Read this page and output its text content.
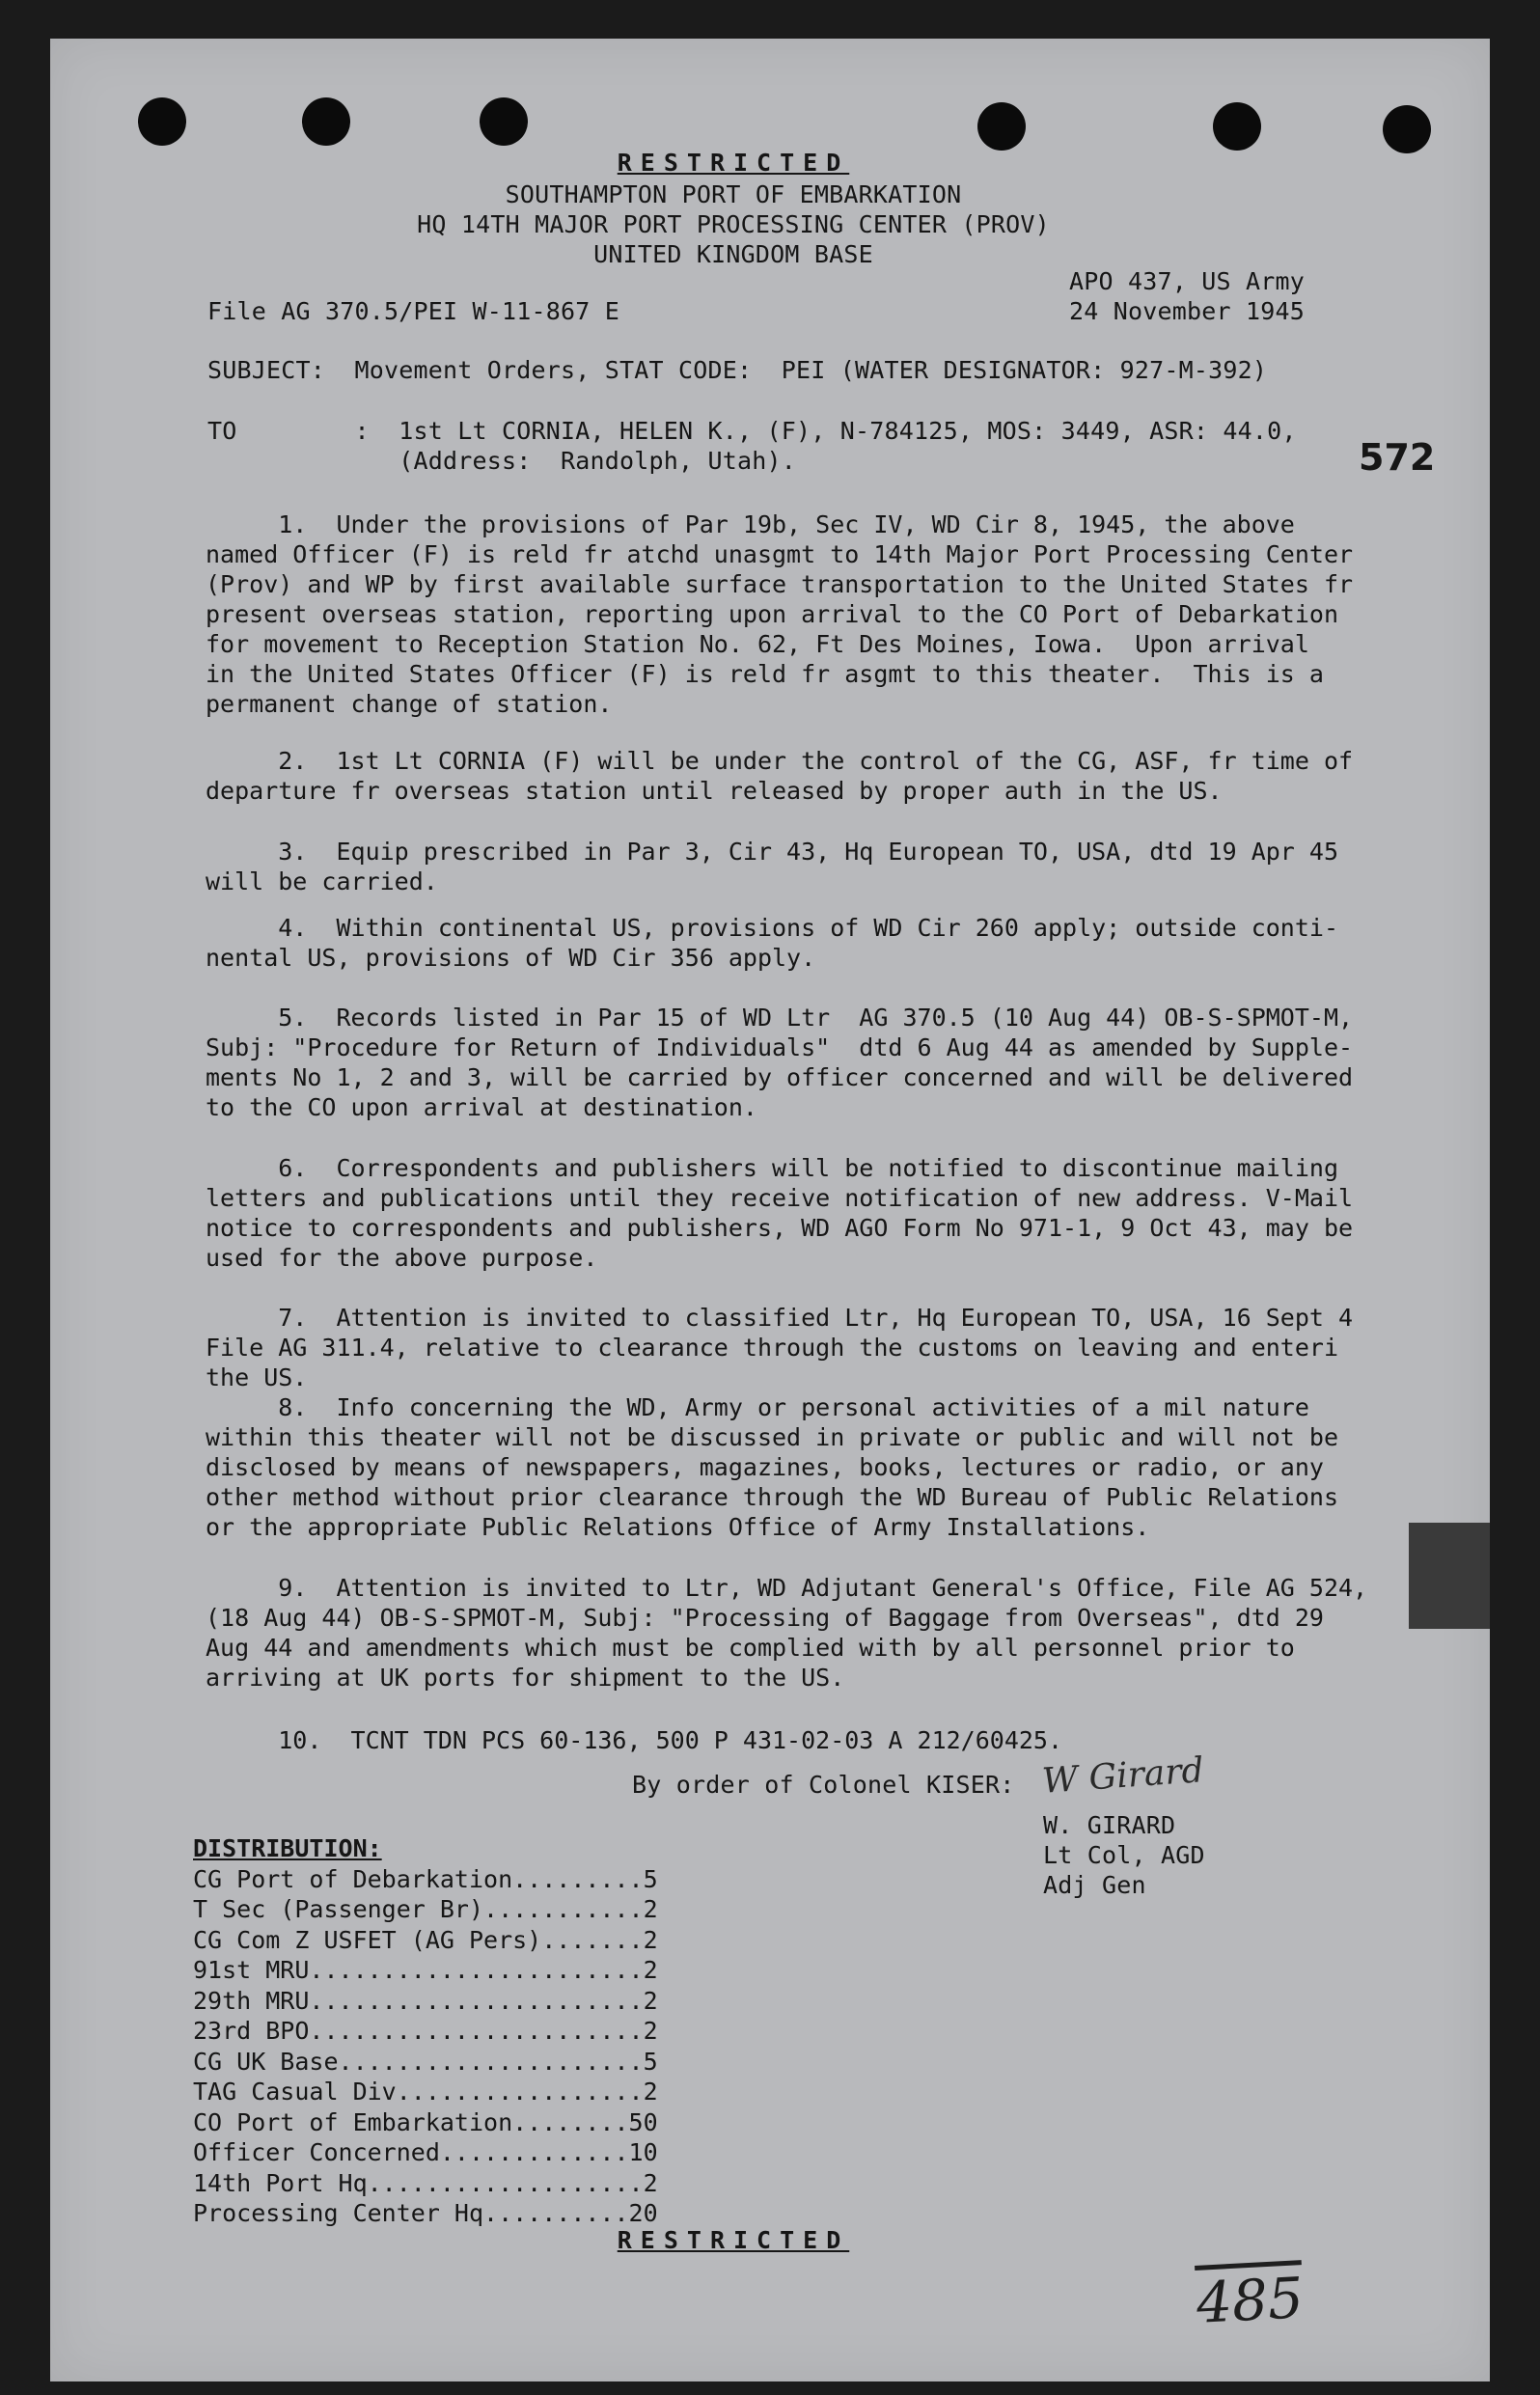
RESTRICTED
SOUTHAMPTON PORT OF EMBARKATION
HQ 14TH MAJOR PORT PROCESSING CENTER (PROV)
UNITED KINGDOM BASE
APO 437, US Army
File AG 370.5/PEI W-11-867 E	24 November 1945
SUBJECT:  Movement Orders, STAT CODE:  PEI (WATER DESIGNATOR: 927-M-392)
TO        :  1st Lt CORNIA, HELEN K., (F), N-784125, MOS: 3449, ASR: 44.0,
(Address:  Randolph, Utah).	572
1.  Under the provisions of Par 19b, Sec IV, WD Cir 8, 1945, the above
named Officer (F) is reld fr atchd unasgmt to 14th Major Port Processing Center
(Prov) and WP by first available surface transportation to the United States fr
present overseas station, reporting upon arrival to the CO Port of Debarkation
for movement to Reception Station No. 62, Ft Des Moines, Iowa.  Upon arrival
in the United States Officer (F) is reld fr asgmt to this theater.  This is a
permanent change of station.
2.  1st Lt CORNIA (F) will be under the control of the CG, ASF, fr time of
departure fr overseas station until released by proper auth in the US.
3.  Equip prescribed in Par 3, Cir 43, Hq European TO, USA, dtd 19 Apr 45
will be carried.
4.  Within continental US, provisions of WD Cir 260 apply; outside conti-
nental US, provisions of WD Cir 356 apply.
5.  Records listed in Par 15 of WD Ltr  AG 370.5 (10 Aug 44) OB-S-SPMOT-M,
Subj: "Procedure for Return of Individuals"  dtd 6 Aug 44 as amended by Supple-
ments No 1, 2 and 3, will be carried by officer concerned and will be delivered
to the CO upon arrival at destination.
6.  Correspondents and publishers will be notified to discontinue mailing
letters and publications until they receive notification of new address. V-Mail
notice to correspondents and publishers, WD AGO Form No 971-1, 9 Oct 43, may be
used for the above purpose.
7.  Attention is invited to classified Ltr, Hq European TO, USA, 16 Sept 4
File AG 311.4, relative to clearance through the customs on leaving and enteri
the US.
8.  Info concerning the WD, Army or personal activities of a mil nature
within this theater will not be discussed in private or public and will not be
disclosed by means of newspapers, magazines, books, lectures or radio, or any
other method without prior clearance through the WD Bureau of Public Relations
or the appropriate Public Relations Office of Army Installations.
9.  Attention is invited to Ltr, WD Adjutant General's Office, File AG 524,
(18 Aug 44) OB-S-SPMOT-M, Subj: "Processing of Baggage from Overseas", dtd 29
Aug 44 and amendments which must be complied with by all personnel prior to
arriving at UK ports for shipment to the US.
10.  TCNT TDN PCS 60-136, 500 P 431-02-03 A 212/60425.
By order of Colonel KISER: W Girard
W. GIRARD
Lt Col, AGD
Adj Gen
DISTRIBUTION:
CG Port of Debarkation.........5
T Sec (Passenger Br)...........2
CG Com Z USFET (AG Pers).......2
91st MRU.......................2
29th MRU.......................2
23rd BPO.......................2
CG UK Base.....................5
TAG Casual Div.................2
CO Port of Embarkation........50
Officer Concerned.............10
14th Port Hq...................2
Processing Center Hq..........20
RESTRICTED
485
